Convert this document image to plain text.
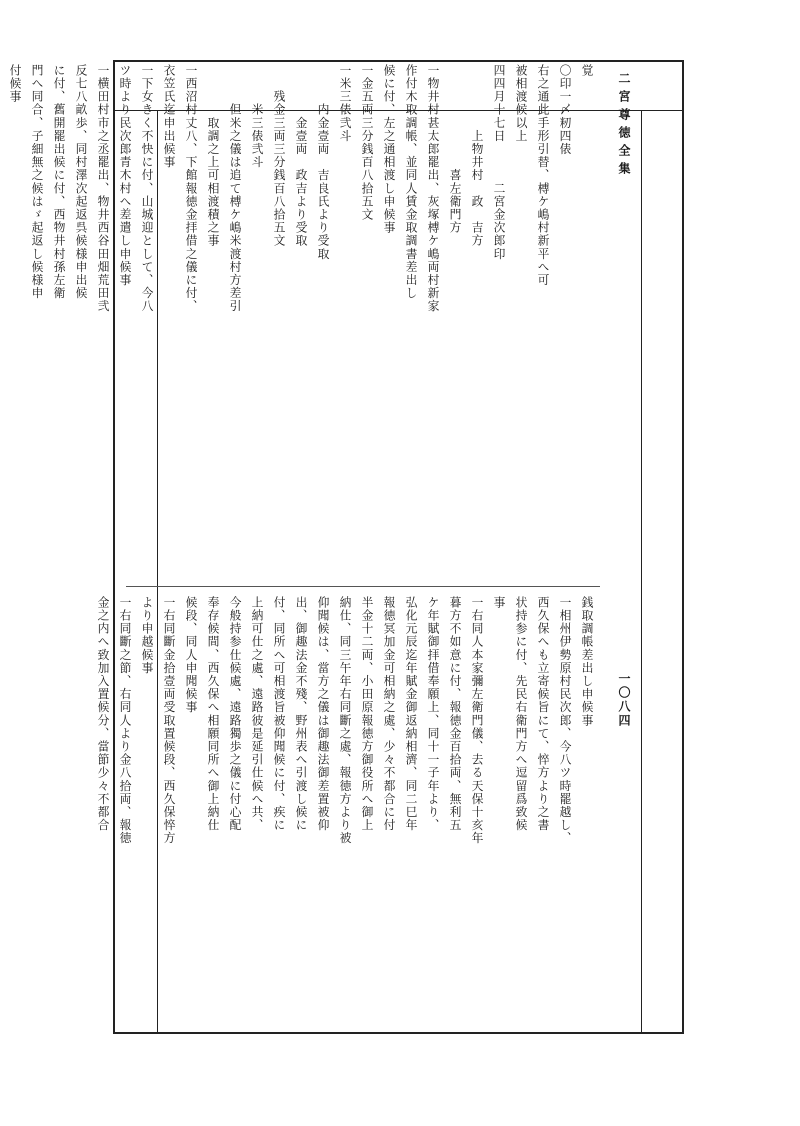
二宮尊徳全集
一〇八四
覚
〇印一〆籾四俵
右之通此手形引替、榑ケ嶋村新平へ可
被相渡候以上
四四月十七日　　　二宮金次郎印
　　　　　上物井村　政　吉方
　　　　　　　　喜左衛門方
一物井村甚太郎罷出、灰塚榑ケ嶋両村新家
作付木取調帳、並同人賃金取調書差出し
候に付、左之通相渡し申候事
一金五両三分銭百八拾五文
一米三俵弐斗
　　　内金壹両　吉良氏より受取
　　　　金壹両　政吉より受取
　　残金三両三分銭百八拾五文
　　　米三俵弐斗
　　　但米之儀は追て榑ケ嶋米渡村方差引
　　　　取調之上可相渡積之事
一西沼村丈八、下館報徳金拝借之儀に付、
衣笠氏迄申出候事
一下女きく不快に付、山城迎として、今八
ツ時より民次郎青木村へ差遣し申候事
一横田村市之丞罷出、物井西谷田畑荒田弐
反七八畝歩、同村澤次起返呉候様申出候
に付、舊開罷出候に付、西物井村孫左衛
門へ同合、子細無之候はゞ起返し候様申
付候事
銭取調帳差出し申候事
一相州伊勢原村民次郎、今八ツ時罷越し、
西久保へも立寄候旨にて、悴方より之書
状持参に付、先民右衛門方へ逗留爲致候
事
一右同人本家彌左衛門儀、去る天保十亥年
暮方不如意に付、報徳金百拾両、無利五
ケ年賦御拝借奉願上、同十一子年より、
弘化元辰迄年賦金御返納相濟、同二巳年
報徳冥加金可相納之處、少々不都合に付
半金十二両、小田原報徳方御役所へ御上
納仕、同三午年右同斷之處、報徳方より被
仰聞候は、當方之儀は御趣法御差置被仰
出、御趣法金不殘、野州表へ引渡し候に
付、同所へ可相渡旨被仰聞候に付、疾に
上納可仕之處、遠路彼是延引仕候へ共、
今般持参仕候處、遠路獨歩之儀に付心配
奉存候間、西久保へ相願同所へ御上納仕
候段、同人申聞候事
一右同斷金拾壹両受取置候段、西久保悴方
より申越候事
一右同斷之節、右同人より金八拾両、報徳
金之内へ致加入置候分、當節少々不都合
